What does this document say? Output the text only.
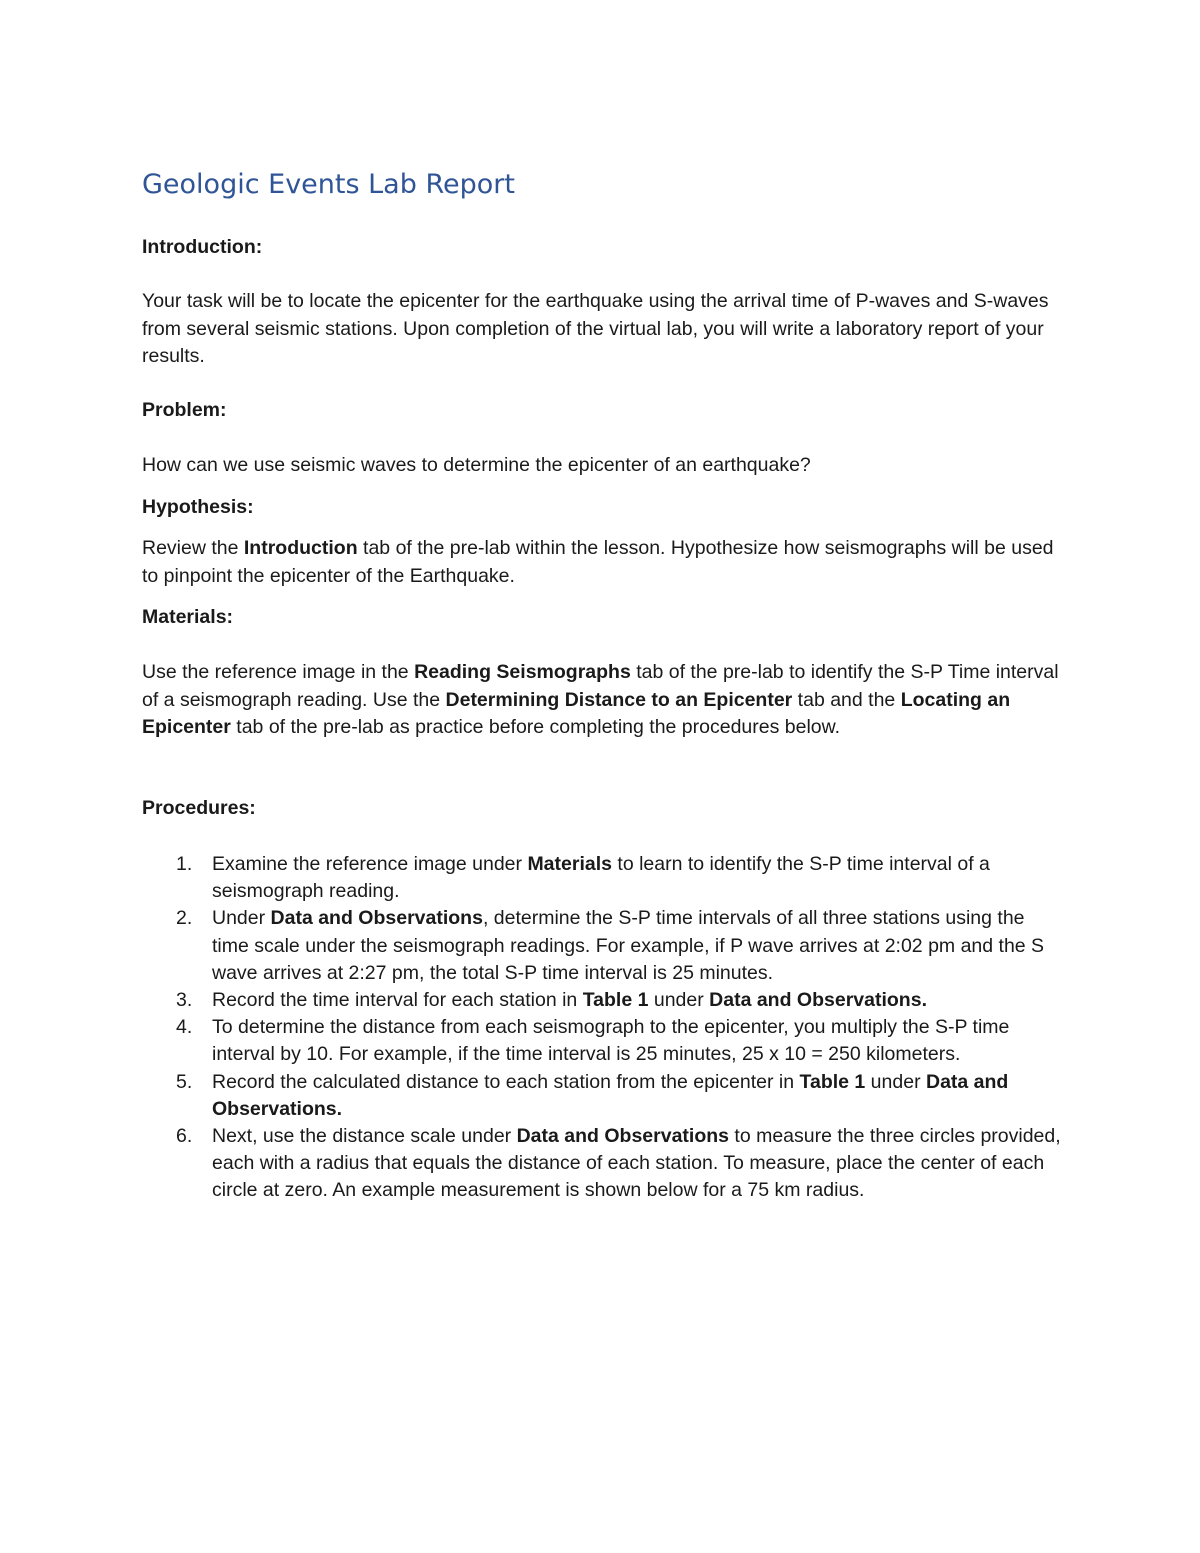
Geologic Events Lab Report
Introduction:

Your task will be to locate the epicenter for the earthquake using the arrival time of P-waves and S-waves from several seismic stations. Upon completion of the virtual lab, you will write a laboratory report of your results.

Problem:

How can we use seismic waves to determine the epicenter of an earthquake?

Hypothesis:

Review the Introduction tab of the pre-lab within the lesson. Hypothesize how seismographs will be used to pinpoint the epicenter of the Earthquake.

Materials:

Use the reference image in the Reading Seismographs tab of the pre-lab to identify the S-P Time interval of a seismograph reading. Use the Determining Distance to an Epicenter tab and the Locating an Epicenter tab of the pre-lab as practice before completing the procedures below.

Procedures:
1. Examine the reference image under Materials to learn to identify the S-P time interval of a seismograph reading.
2. Under Data and Observations, determine the S-P time intervals of all three stations using the time scale under the seismograph readings. For example, if P wave arrives at 2:02 pm and the S wave arrives at 2:27 pm, the total S-P time interval is 25 minutes.
3. Record the time interval for each station in Table 1 under Data and Observations.
4. To determine the distance from each seismograph to the epicenter, you multiply the S-P time interval by 10. For example, if the time interval is 25 minutes, 25 x 10 = 250 kilometers.
5. Record the calculated distance to each station from the epicenter in Table 1 under Data and Observations.
6. Next, use the distance scale under Data and Observations to measure the three circles provided, each with a radius that equals the distance of each station. To measure, place the center of each circle at zero. An example measurement is shown below for a 75 km radius.
